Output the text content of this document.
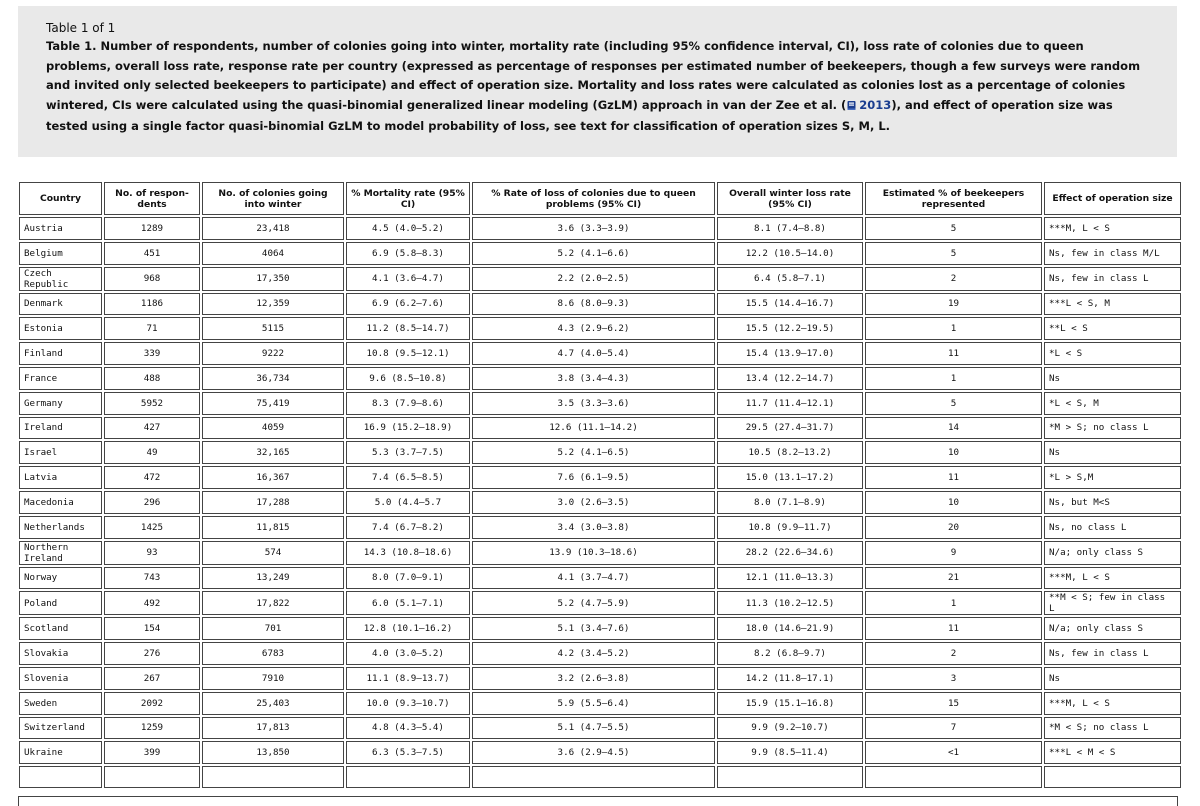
Table 1 of 1

Table 1. Number of respondents, number of colonies going into winter, mortality rate (including 95% confidence interval, CI), loss rate of colonies due to queen problems, overall loss rate, response rate per country (expressed as percentage of responses per estimated number of beekeepers, though a few surveys were random and invited only selected beekeepers to participate) and effect of operation size. Mortality and loss rates were calculated as colonies lost as a percentage of colonies wintered, CIs were calculated using the quasi-binomial generalized linear modeling (GzLM) approach in van der Zee et al. ( 2013), and effect of operation size was tested using a single factor quasi-binomial GzLM to model probability of loss, see text for classification of operation sizes S, M, L.

Country	No. of respon-dents	No. of colonies going into winter	% Mortality rate (95% CI)	% Rate of loss of colonies due to queen problems (95% CI)	Overall winter loss rate (95% CI)	Estimated % of beekeepers represented	Effect of operation size
Austria	1289	23,418	4.5 (4.0–5.2)	3.6 (3.3–3.9)	8.1 (7.4–8.8)	5	***M, L < S
Belgium	451	4064	6.9 (5.8–8.3)	5.2 (4.1–6.6)	12.2 (10.5–14.0)	5	Ns, few in class M/L
Czech Republic	968	17,350	4.1 (3.6–4.7)	2.2 (2.0–2.5)	6.4 (5.8–7.1)	2	Ns, few in class L
Denmark	1186	12,359	6.9 (6.2–7.6)	8.6 (8.0–9.3)	15.5 (14.4–16.7)	19	***L < S, M
Estonia	71	5115	11.2 (8.5–14.7)	4.3 (2.9–6.2)	15.5 (12.2–19.5)	1	**L < S
Finland	339	9222	10.8 (9.5–12.1)	4.7 (4.0–5.4)	15.4 (13.9–17.0)	11	*L < S
France	488	36,734	9.6 (8.5–10.8)	3.8 (3.4–4.3)	13.4 (12.2–14.7)	1	Ns
Germany	5952	75,419	8.3 (7.9–8.6)	3.5 (3.3–3.6)	11.7 (11.4–12.1)	5	*L < S, M
Ireland	427	4059	16.9 (15.2–18.9)	12.6 (11.1–14.2)	29.5 (27.4–31.7)	14	*M > S; no class L
Israel	49	32,165	5.3 (3.7–7.5)	5.2 (4.1–6.5)	10.5 (8.2–13.2)	10	Ns
Latvia	472	16,367	7.4 (6.5–8.5)	7.6 (6.1–9.5)	15.0 (13.1–17.2)	11	*L > S,M
Macedonia	296	17,288	5.0 (4.4–5.7	3.0 (2.6–3.5)	8.0 (7.1–8.9)	10	Ns, but M<S
Netherlands	1425	11,815	7.4 (6.7–8.2)	3.4 (3.0–3.8)	10.8 (9.9–11.7)	20	Ns, no class L
Northern Ireland	93	574	14.3 (10.8–18.6)	13.9 (10.3–18.6)	28.2 (22.6–34.6)	9	N/a; only class S
Norway	743	13,249	8.0 (7.0–9.1)	4.1 (3.7–4.7)	12.1 (11.0–13.3)	21	***M, L < S
Poland	492	17,822	6.0 (5.1–7.1)	5.2 (4.7–5.9)	11.3 (10.2–12.5)	1	**M < S; few in class L
Scotland	154	701	12.8 (10.1–16.2)	5.1 (3.4–7.6)	18.0 (14.6–21.9)	11	N/a; only class S
Slovakia	276	6783	4.0 (3.0–5.2)	4.2 (3.4–5.2)	8.2 (6.8–9.7)	2	Ns, few in class L
Slovenia	267	7910	11.1 (8.9–13.7)	3.2 (2.6–3.8)	14.2 (11.8–17.1)	3	Ns
Sweden	2092	25,403	10.0 (9.3–10.7)	5.9 (5.5–6.4)	15.9 (15.1–16.8)	15	***M, L < S
Switzerland	1259	17,813	4.8 (4.3–5.4)	5.1 (4.7–5.5)	9.9 (9.2–10.7)	7	*M < S; no class L
Ukraine	399	13,850	6.3 (5.3–7.5)	3.6 (2.9–4.5)	9.9 (8.5–11.4)	<1	***L < M < S
